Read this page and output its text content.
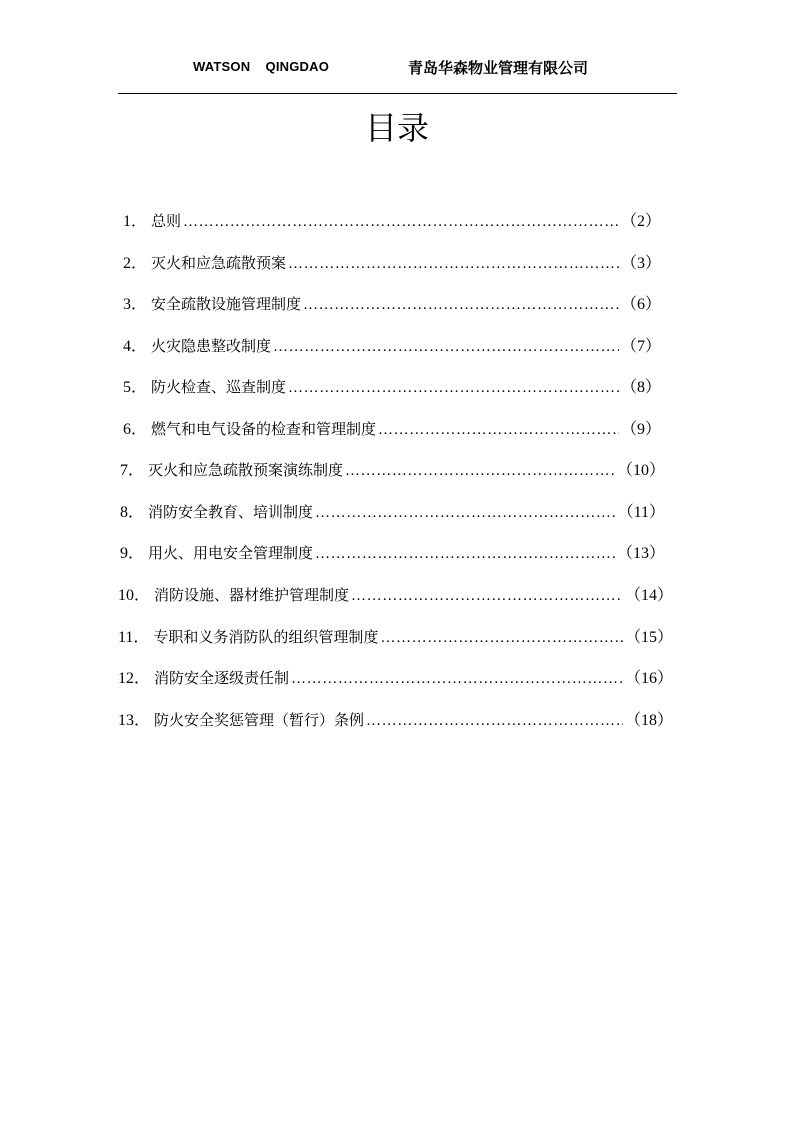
WATSON    QINGDAO	青岛华森物业管理有限公司
目录
1． 总则 …………………………………………………………………………………………………………………………………………………………	（2）
2． 灭火和应急疏散预案 …………………………………………………………………………………………………………………………………………………………	（3）
3． 安全疏散设施管理制度 …………………………………………………………………………………………………………………………………………………………	（6）
4． 火灾隐患整改制度 …………………………………………………………………………………………………………………………………………………………	（7）
5． 防火检查、巡查制度 …………………………………………………………………………………………………………………………………………………………	（8）
6． 燃气和电气设备的检查和管理制度 …………………………………………………………………………………………………………………………………………………………	（9）
7． 灭火和应急疏散预案演练制度 …………………………………………………………………………………………………………………………………………………………	（10）
8． 消防安全教育、培训制度 …………………………………………………………………………………………………………………………………………………………	（11）
9． 用火、用电安全管理制度 …………………………………………………………………………………………………………………………………………………………	（13）
10． 消防设施、器材维护管理制度 …………………………………………………………………………………………………………………………………………………………	（14）
11． 专职和义务消防队的组织管理制度 …………………………………………………………………………………………………………………………………………………………	（15）
12． 消防安全逐级责任制 …………………………………………………………………………………………………………………………………………………………	（16）
13． 防火安全奖惩管理（暂行）条例 …………………………………………………………………………………………………………………………………………………………	（18）
